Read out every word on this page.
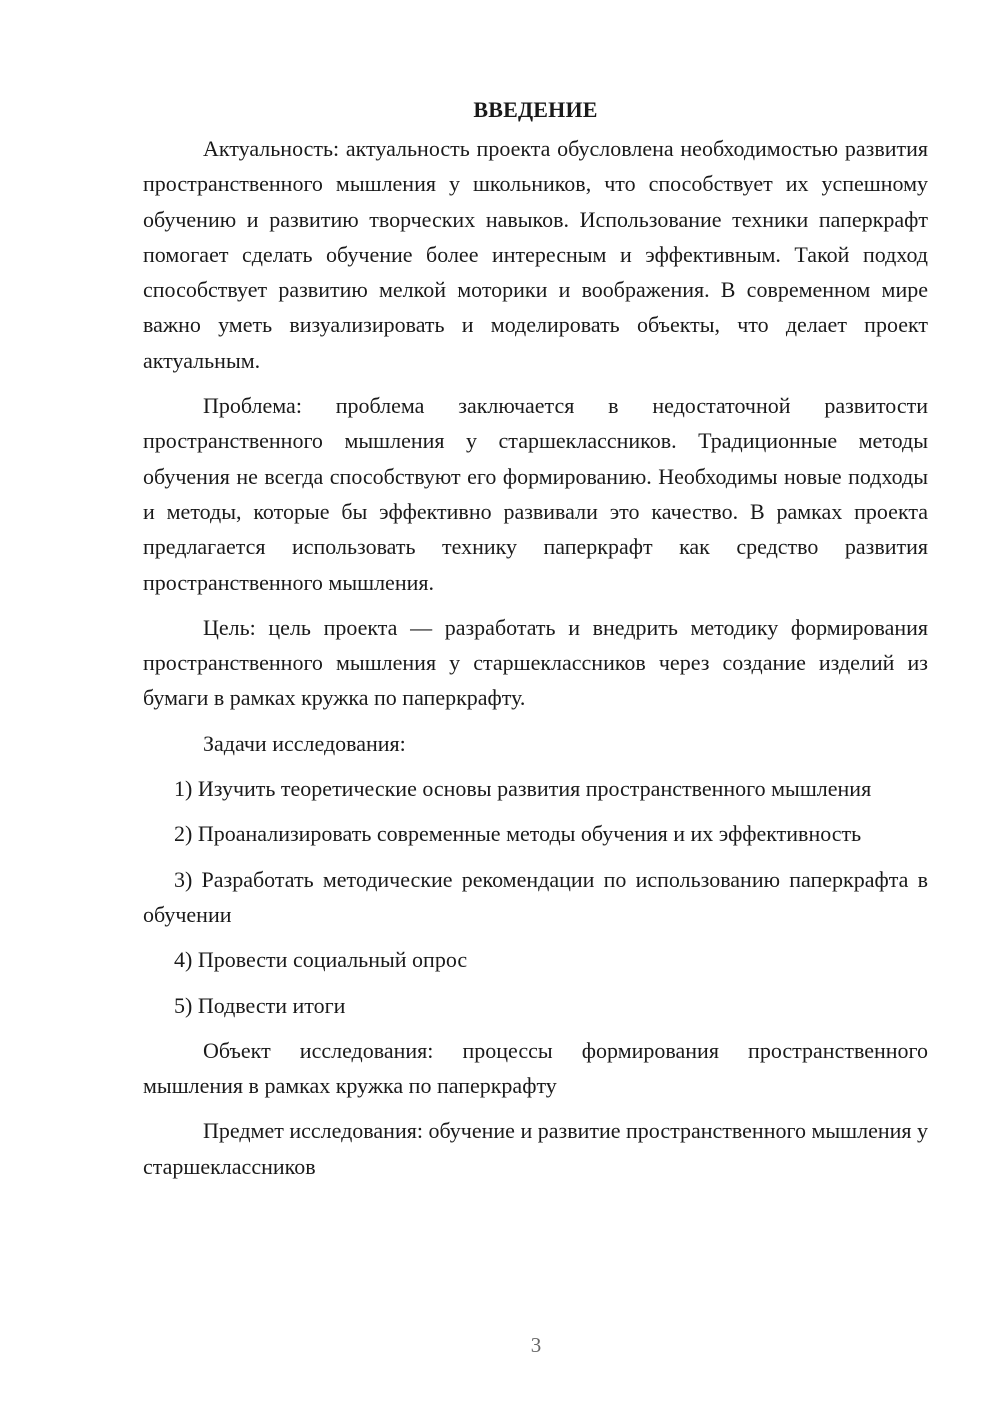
ВВЕДЕНИЕ

Актуальность: актуальность проекта обусловлена необходимостью развития пространственного мышления у школьников, что способствует их успешному обучению и развитию творческих навыков. Использование техники паперкрафт помогает сделать обучение более интересным и эффективным. Такой подход способствует развитию мелкой моторики и воображения. В современном мире важно уметь визуализировать и моделировать объекты, что делает проект актуальным.

Проблема: проблема заключается в недостаточной развитости пространственного мышления у старшеклассников. Традиционные методы обучения не всегда способствуют его формированию. Необходимы новые подходы и методы, которые бы эффективно развивали это качество. В рамках проекта предлагается использовать технику паперкрафт как средство развития пространственного мышления.

Цель: цель проекта — разработать и внедрить методику формирования пространственного мышления у старшеклассников через создание изделий из бумаги в рамках кружка по паперкрафту.

Задачи исследования:

1) Изучить теоретические основы развития пространственного мышления

2) Проанализировать современные методы обучения и их эффективность

3) Разработать методические рекомендации по использованию паперкрафта в обучении

4) Провести социальный опрос

5) Подвести итоги

Объект исследования: процессы формирования пространственного мышления в рамках кружка по паперкрафту

Предмет исследования: обучение и развитие пространственного мышления у старшеклассников

3
